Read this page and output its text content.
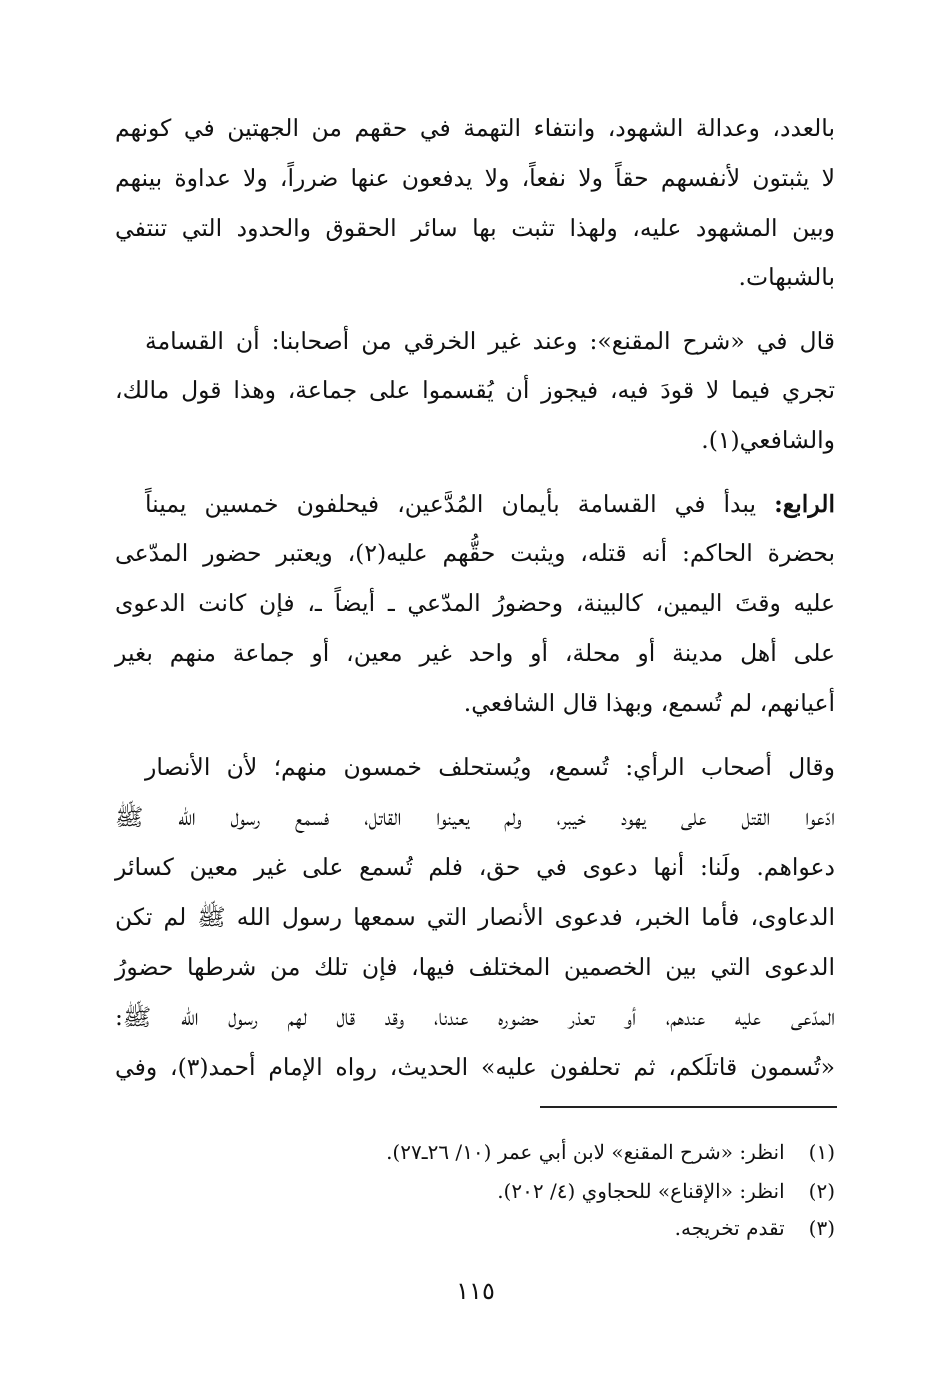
بالعدد، وعدالة الشهود، وانتفاء التهمة في حقهم من الجهتين في كونهم
لا يثبتون لأنفسهم حقاً ولا نفعاً، ولا يدفعون عنها ضرراً، ولا عداوة بينهم
وبين المشهود عليه، ولهذا تثبت بها سائر الحقوق والحدود التي تنتفي
بالشبهات.
قال في «شرح المقنع»: وعند غير الخرقي من أصحابنا: أن القسامة
تجري فيما لا قودَ فيه، فيجوز أن يُقسموا على جماعة، وهذا قول مالك،
والشافعي(١).
الرابع: يبدأ في القسامة بأيمان المُدَّعين، فيحلفون خمسين يميناً
بحضرة الحاكم: أنه قتله، ويثبت حقُّهم عليه(٢)، ويعتبر حضور المدّعى
عليه وقتَ اليمين، كالبينة، وحضورُ المدّعي ـ أيضاً ـ، فإن كانت الدعوى
على أهل مدينة أو محلة، أو واحد غير معين، أو جماعة منهم بغير
أعيانهم، لم تُسمع، وبهذا قال الشافعي.
وقال أصحاب الرأي: تُسمع، ويُستحلف خمسون منهم؛ لأن الأنصار
ادّعوا القتل على يهود خيبر، ولم يعينوا القاتل، فسمع رسول الله ﷺ
دعواهم. ولَنا: أنها دعوى في حق، فلم تُسمع على غير معين كسائر
الدعاوى، فأما الخبر، فدعوى الأنصار التي سمعها رسول الله ﷺ لم تكن
الدعوى التي بين الخصمين المختلف فيها، فإن تلك من شرطها حضورُ
المدّعى عليه عندهم، أو تعذر حضوره عندنا، وقد قال لهم رسول الله ﷺ:
«تُسمون قاتلَكم، ثم تحلفون عليه» الحديث، رواه الإمام أحمد(٣)، وفي
(١) انظر: «شرح المقنع» لابن أبي عمر (١٠/ ٢٦ـ٢٧).
(٢) انظر: «الإقناع» للحجاوي (٤/ ٢٠٢).
(٣) تقدم تخريجه.
١١٥
